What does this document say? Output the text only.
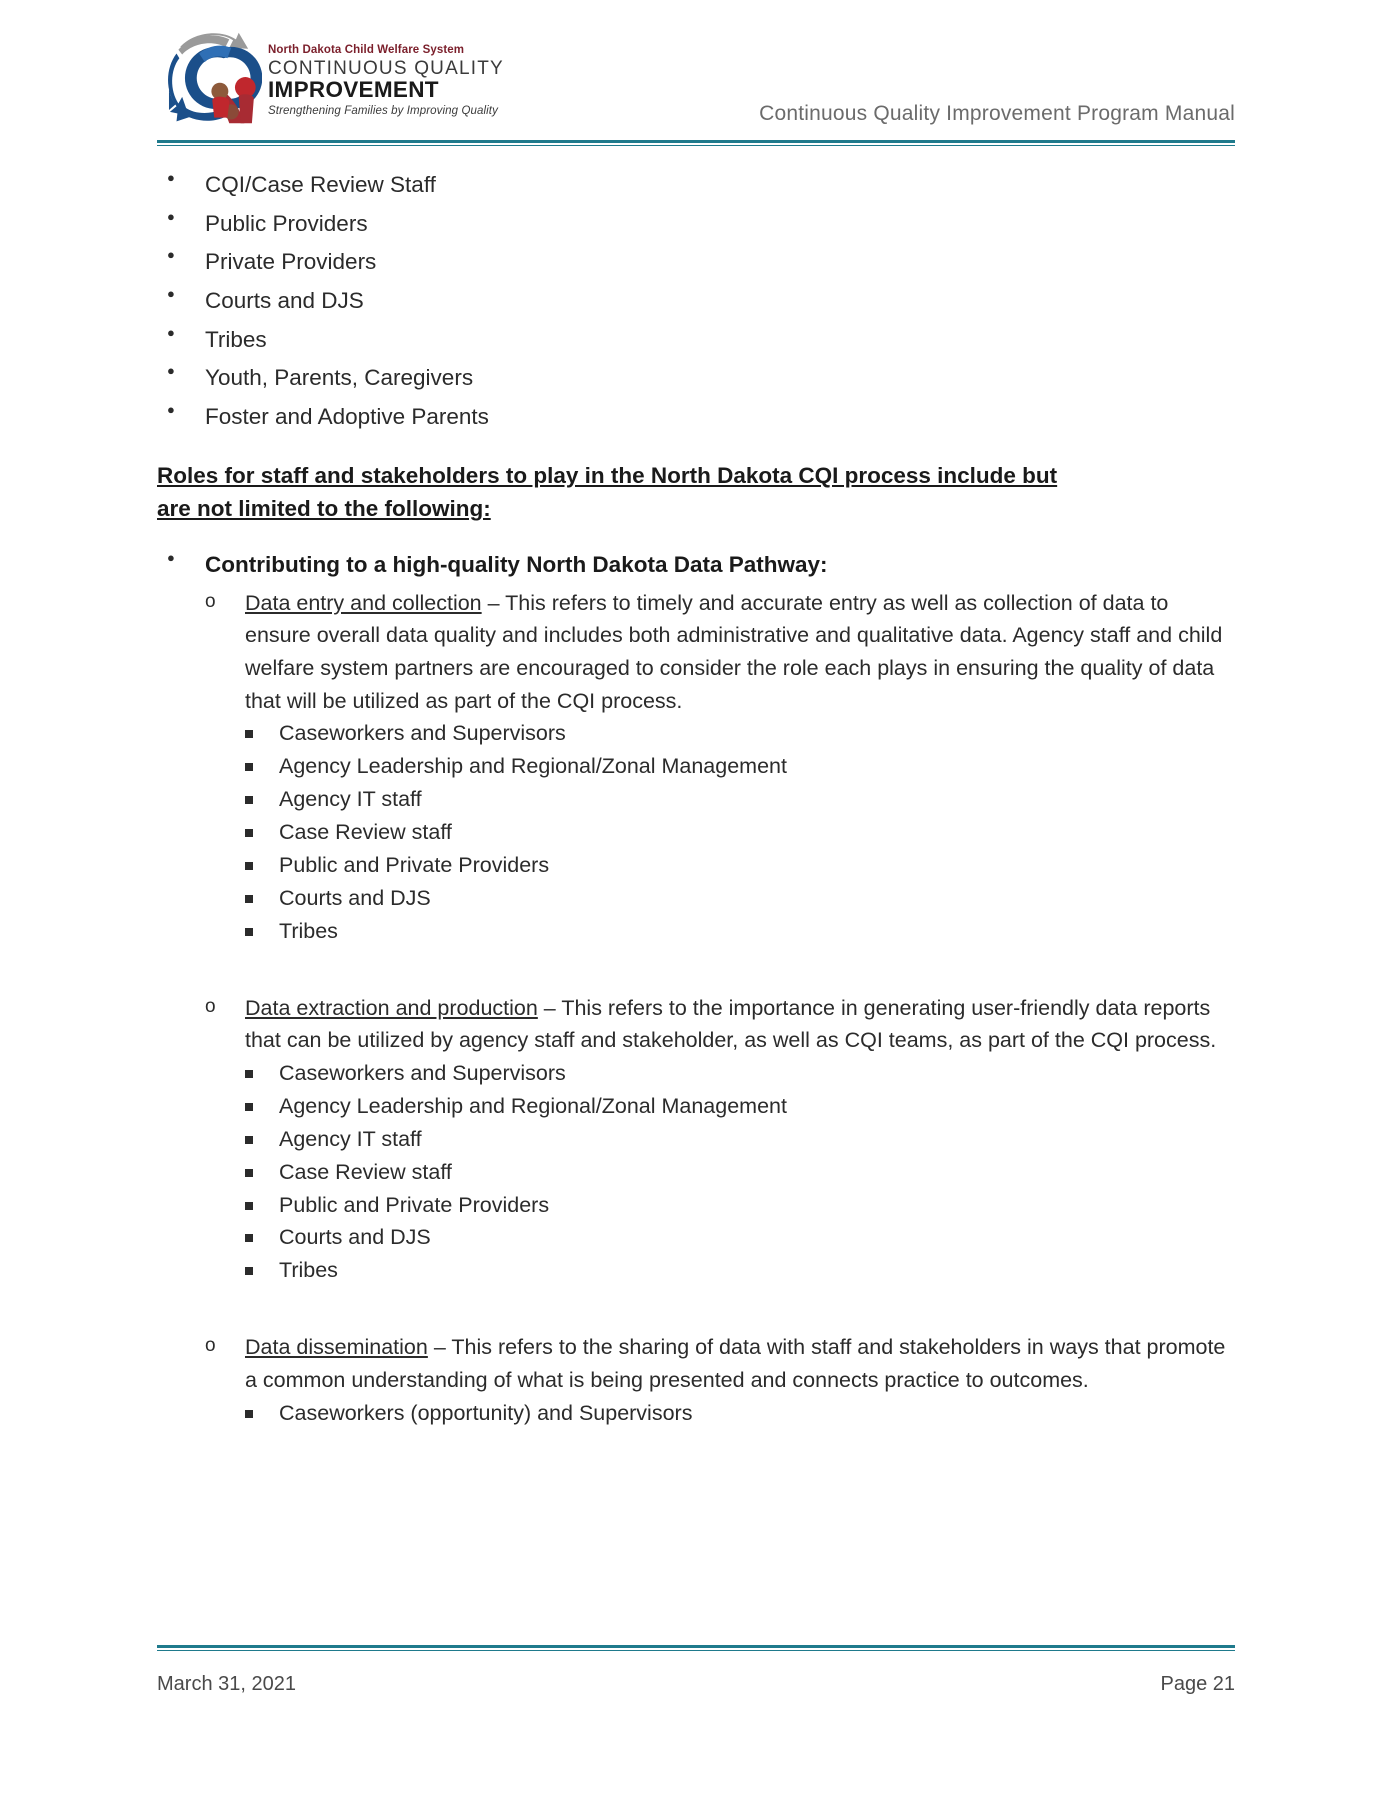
North Dakota Child Welfare System
CONTINUOUS QUALITY
IMPROVEMENT
Strengthening Families by Improving Quality	Continuous Quality Improvement Program Manual
● CQI/Case Review Staff
● Public Providers
● Private Providers
● Courts and DJS
● Tribes
● Youth, Parents, Caregivers
● Foster and Adoptive Parents

Roles for staff and stakeholders to play in the North Dakota CQI process include but are not limited to the following:

● Contributing to a high-quality North Dakota Data Pathway:

o Data entry and collection – This refers to timely and accurate entry as well as collection of data to ensure overall data quality and includes both administrative and qualitative data. Agency staff and child welfare system partners are encouraged to consider the role each plays in ensuring the quality of data that will be utilized as part of the CQI process.

Caseworkers and Supervisors
Agency Leadership and Regional/Zonal Management
Agency IT staff
Case Review staff
Public and Private Providers
Courts and DJS
Tribes

o Data extraction and production – This refers to the importance in generating user-friendly data reports that can be utilized by agency staff and stakeholder, as well as CQI teams, as part of the CQI process.

Caseworkers and Supervisors
Agency Leadership and Regional/Zonal Management
Agency IT staff
Case Review staff
Public and Private Providers
Courts and DJS
Tribes

o Data dissemination – This refers to the sharing of data with staff and stakeholders in ways that promote a common understanding of what is being presented and connects practice to outcomes.

Caseworkers (opportunity) and Supervisors
March 31, 2021	Page 21
